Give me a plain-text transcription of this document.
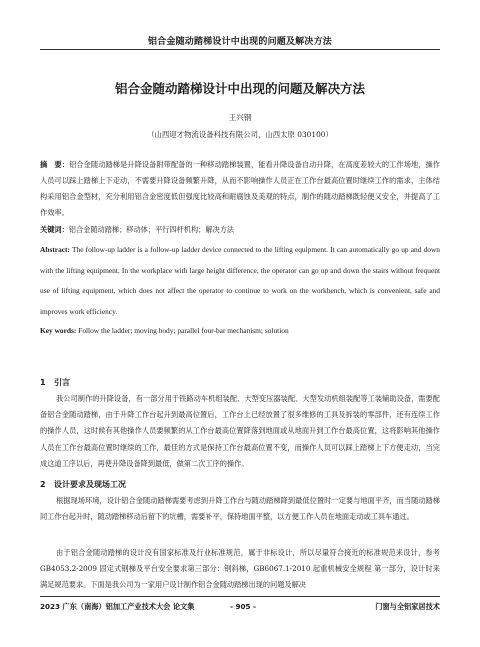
铝合金随动踏梯设计中出现的问题及解决方法
铝合金随动踏梯设计中出现的问题及解决方法
王兴钢
（山西迎才物流设备科技有限公司，山西太原 030100）
摘　要：铝合金随动踏梯是升降设备附带配备的一种移动踏梯装置，能看升降设备自动升降，在高度差较大的工作场地，操作人员可以踩上踏梯上下走动，不需要升降设备频繁升降，从而不影响操作人员正在工作台最高位置时继续工作的需求，主体结构采用铝合金型材，充分利用铝合金密度低但强度比较高和耐腐蚀及美观的特点，制作的随动踏梯既轻便又安全，并提高了工作效率。
关键词：铝合金随动踏梯；移动体；平行四杆机构；解决方法
Abstract: The follow-up ladder is a follow-up ladder device connected to the lifting equipment. It can automatically go up and down with the lifting equipment. In the workplace with large height difference, the operator can go up and down the stairs without frequent use of lifting equipment, which does not affect the operator to continue to work on the workbench, which is convenient, safe and improves work efficiency.
Key words: Follow the ladder; moving body; parallel four-bar mechanism; solution
1 引言
我公司制作的升降设备，有一部分用于铁路动车机组装配、大型变压器装配、大型发动机组装配等工装辅助设备，需要配备铝合金随动踏梯，由于升降工作台起升到最高位置后，工作台上已经放置了很多维修的工具及拆装的零部件，还有连续工作的操作人员，这时候有其他操作人员要频繁的从工作台最高位置降落到地面或从地面升到工作台最高位置，这将影响其他操作人员在工作台最高位置时继续的工作，最佳的方式是保持工作台最高位置不变，而操作人员可以踩上踏梯上下方便走动，当完成这道工序以后，再使升降设备降到最低，做第二次工序的操作。
2 设计要求及现场工况
根据现场环境，设计铝合金随动踏梯需要考虑到升降工作台与随动踏梯降到最低位置时一定要与地面平齐，而当随动踏梯同工作台起升时，随动踏梯移动后留下的坑槽，需要补平，保持地面平整，以方便工作人员在地面走动或工具车通过。
由于铝合金随动踏梯的设计没有国家标准及行业标准规范，属于非标设计，所以尽量符合接近的标准规范来设计，参考 GB4053.2-2009 固定式钢梯及平台安全要求第三部分：钢斜梯，GB6067.1-2010 起重机械安全规程 第一部分，设计时来满足规范要求。下面是我公司为一家用户设计制作铝合金随动踏梯出现的问题及解决
2023 广东（南海）铝加工产业技术大会 论文集	- 905 -	门窗与全铝家居技术
